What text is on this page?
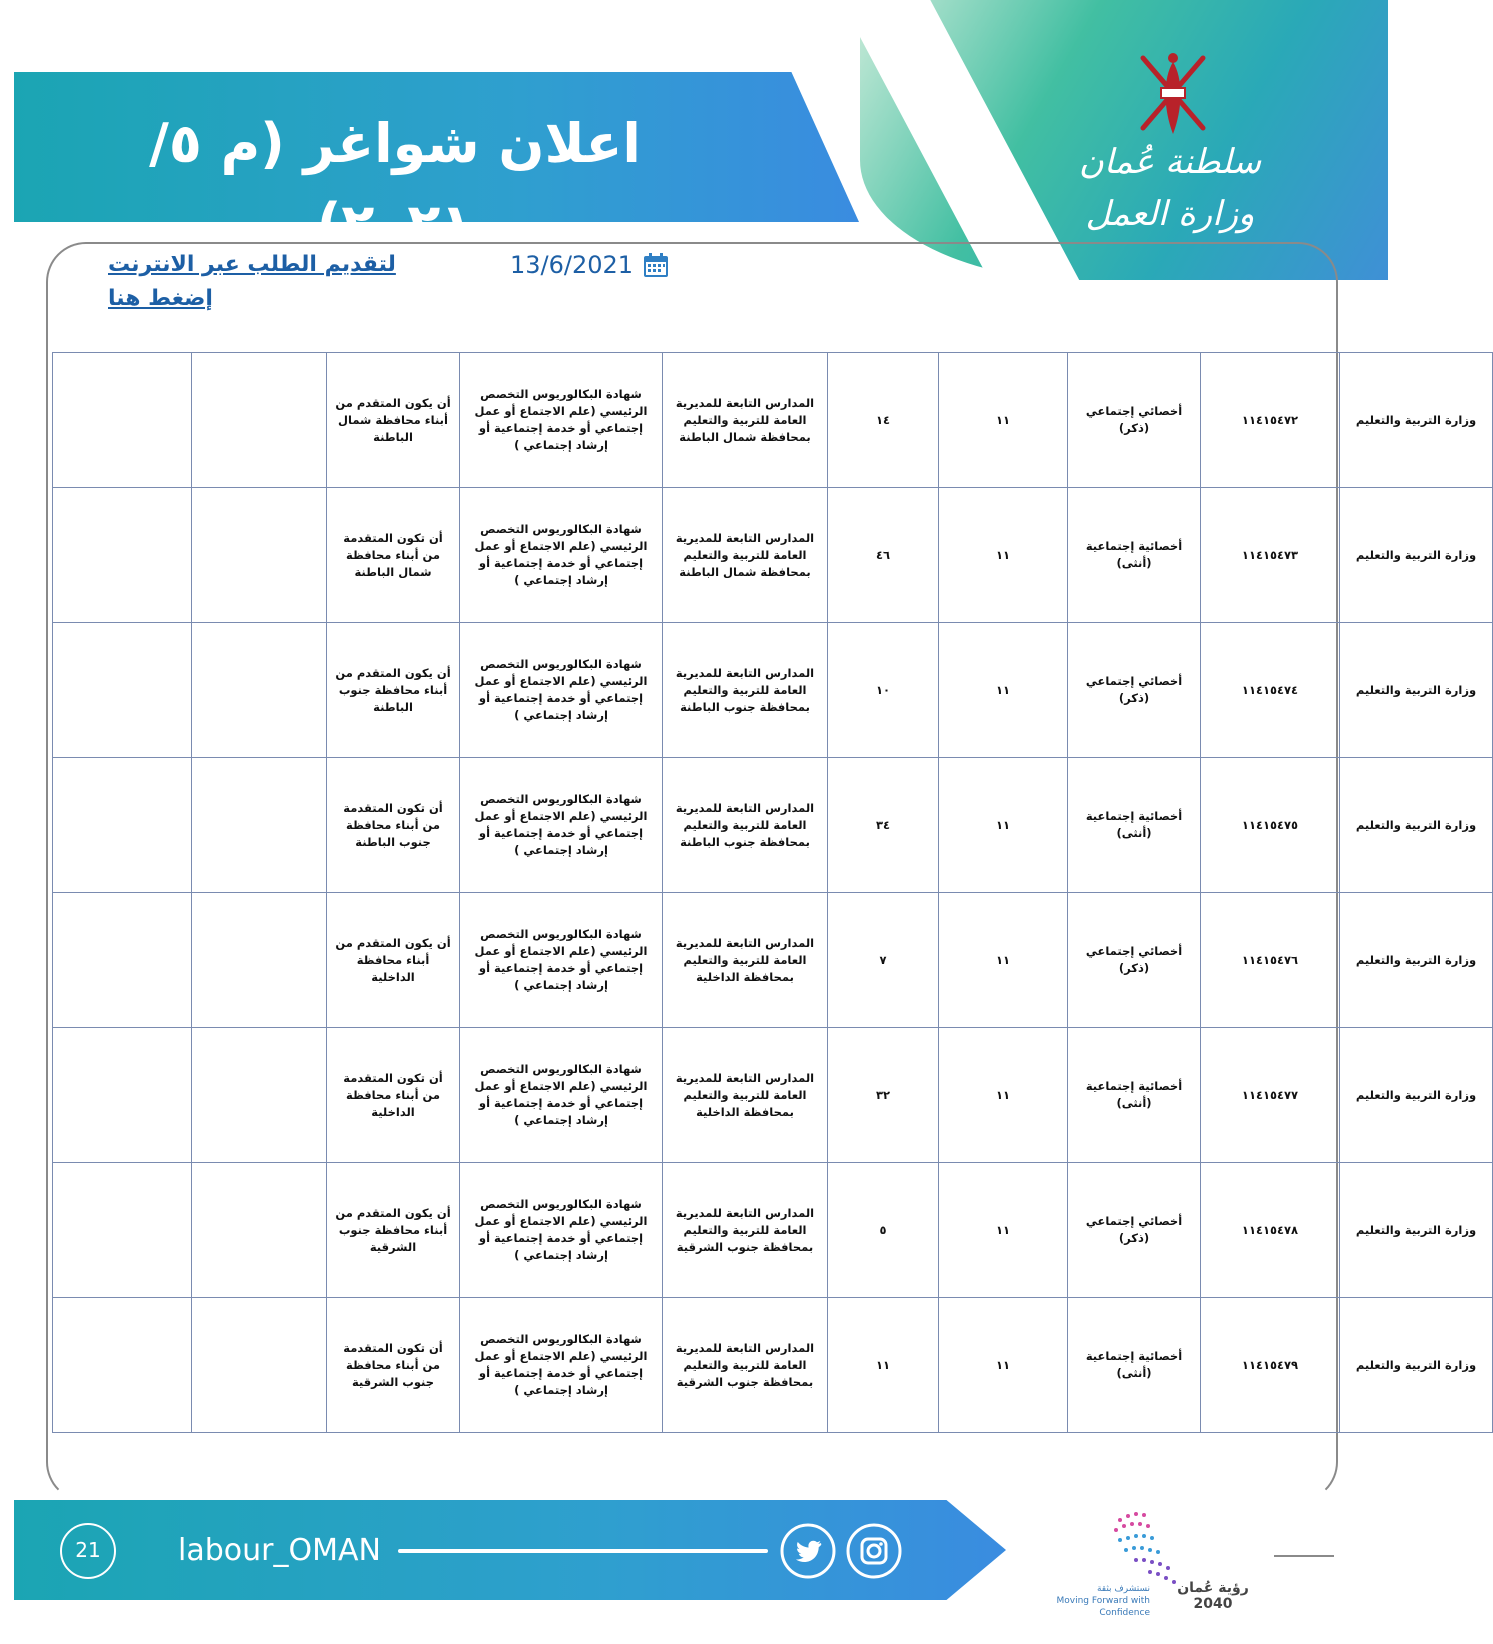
سلطنة عُمان
وزارة العمل
اعلان شواغر (م ٥/ ٢٠٢١)
لتقديم الطلب عبر الانترنت إضغط هنا
13/6/2021
وزارة التربية والتعليم	١١٤١٥٤٧٢	أخصائي إجتماعي (ذكر)	١١	١٤	المدارس التابعة للمديرية العامة للتربية والتعليم بمحافظة شمال الباطنة	شهادة البكالوريوس التخصص الرئيسي (علم الاجتماع أو عمل إجتماعي أو خدمة إجتماعية أو إرشاد إجتماعي )	أن يكون المتقدم من أبناء محافظة شمال الباطنة		
وزارة التربية والتعليم	١١٤١٥٤٧٣	أخصائية إجتماعية (أنثى)	١١	٤٦	المدارس التابعة للمديرية العامة للتربية والتعليم بمحافظة شمال الباطنة	شهادة البكالوريوس التخصص الرئيسي (علم الاجتماع أو عمل إجتماعي أو خدمة إجتماعية أو إرشاد إجتماعي )	أن تكون المتقدمة من أبناء محافظة شمال الباطنة		
وزارة التربية والتعليم	١١٤١٥٤٧٤	أخصائي إجتماعي (ذكر)	١١	١٠	المدارس التابعة للمديرية العامة للتربية والتعليم بمحافظة جنوب الباطنة	شهادة البكالوريوس التخصص الرئيسي (علم الاجتماع أو عمل إجتماعي أو خدمة إجتماعية أو إرشاد إجتماعي )	أن يكون المتقدم من أبناء محافظة جنوب الباطنة		
وزارة التربية والتعليم	١١٤١٥٤٧٥	أخصائية إجتماعية (أنثى)	١١	٣٤	المدارس التابعة للمديرية العامة للتربية والتعليم بمحافظة جنوب الباطنة	شهادة البكالوريوس التخصص الرئيسي (علم الاجتماع أو عمل إجتماعي أو خدمة إجتماعية أو إرشاد إجتماعي )	أن تكون المتقدمة من أبناء محافظة جنوب الباطنة		
وزارة التربية والتعليم	١١٤١٥٤٧٦	أخصائي إجتماعي (ذكر)	١١	٧	المدارس التابعة للمديرية العامة للتربية والتعليم بمحافظة الداخلية	شهادة البكالوريوس التخصص الرئيسي (علم الاجتماع أو عمل إجتماعي أو خدمة إجتماعية أو إرشاد إجتماعي )	أن يكون المتقدم من أبناء محافظة الداخلية		
وزارة التربية والتعليم	١١٤١٥٤٧٧	أخصائية إجتماعية (أنثى)	١١	٣٢	المدارس التابعة للمديرية العامة للتربية والتعليم بمحافظة الداخلية	شهادة البكالوريوس التخصص الرئيسي (علم الاجتماع أو عمل إجتماعي أو خدمة إجتماعية أو إرشاد إجتماعي )	أن تكون المتقدمة من أبناء محافظة الداخلية		
وزارة التربية والتعليم	١١٤١٥٤٧٨	أخصائي إجتماعي (ذكر)	١١	٥	المدارس التابعة للمديرية العامة للتربية والتعليم بمحافظة جنوب الشرقية	شهادة البكالوريوس التخصص الرئيسي (علم الاجتماع أو عمل إجتماعي أو خدمة إجتماعية أو إرشاد إجتماعي )	أن يكون المتقدم من أبناء محافظة جنوب الشرقية		
وزارة التربية والتعليم	١١٤١٥٤٧٩	أخصائية إجتماعية (أنثى)	١١	١١	المدارس التابعة للمديرية العامة للتربية والتعليم بمحافظة جنوب الشرقية	شهادة البكالوريوس التخصص الرئيسي (علم الاجتماع أو عمل إجتماعي أو خدمة إجتماعية أو إرشاد إجتماعي )	أن تكون المتقدمة من أبناء محافظة جنوب الشرقية		
21	labour_OMAN
رؤية عُمان 2040
نستشرف بثقة
Moving Forward with Confidence
